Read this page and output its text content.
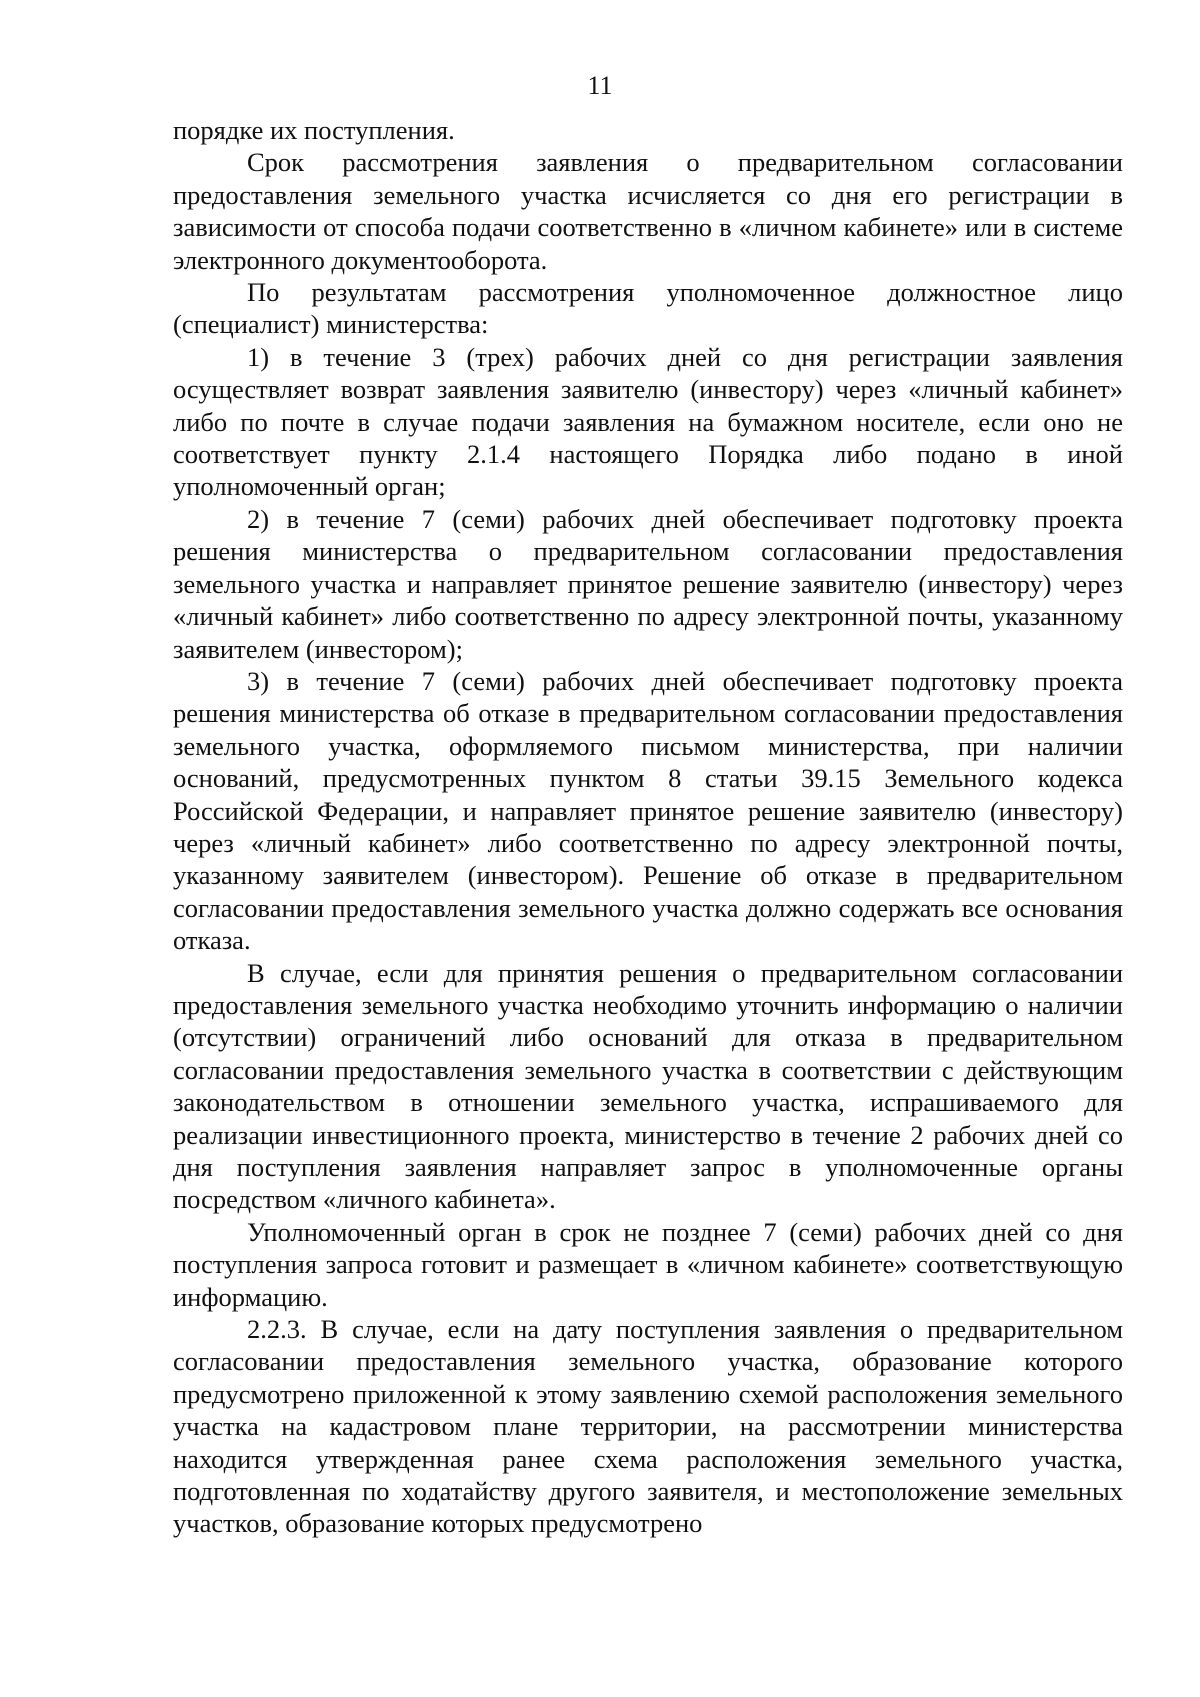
11

порядке их поступления.

Срок рассмотрения заявления о предварительном согласовании предоставления земельного участка исчисляется со дня его регистрации в зависимости от способа подачи соответственно в «личном кабинете» или в системе электронного документооборота.

По результатам рассмотрения уполномоченное должностное лицо (специалист) министерства:

1) в течение 3 (трех) рабочих дней со дня регистрации заявления осуществляет возврат заявления заявителю (инвестору) через «личный кабинет» либо по почте в случае подачи заявления на бумажном носителе, если оно не соответствует пункту 2.1.4 настоящего Порядка либо подано в иной уполномоченный орган;

2) в течение 7 (семи) рабочих дней обеспечивает подготовку проекта решения министерства о предварительном согласовании предоставления земельного участка и направляет принятое решение заявителю (инвестору) через «личный кабинет» либо соответственно по адресу электронной почты, указанному заявителем (инвестором);

3) в течение 7 (семи) рабочих дней обеспечивает подготовку проекта решения министерства об отказе в предварительном согласовании предоставления земельного участка, оформляемого письмом министерства, при наличии оснований, предусмотренных пунктом 8 статьи 39.15 Земельного кодекса Российской Федерации, и направляет принятое решение заявителю (инвестору) через «личный кабинет» либо соответственно по адресу электронной почты, указанному заявителем (инвестором). Решение об отказе в предварительном согласовании предоставления земельного участка должно содержать все основания отказа.

В случае, если для принятия решения о предварительном согласовании предоставления земельного участка необходимо уточнить информацию о наличии (отсутствии) ограничений либо оснований для отказа в предварительном согласовании предоставления земельного участка в соответствии с действующим законодательством в отношении земельного участка, испрашиваемого для реализации инвестиционного проекта, министерство в течение 2 рабочих дней со дня поступления заявления направляет запрос в уполномоченные органы посредством «личного кабинета».

Уполномоченный орган в срок не позднее 7 (семи) рабочих дней со дня поступления запроса готовит и размещает в «личном кабинете» соответствующую информацию.

2.2.3. В случае, если на дату поступления заявления о предварительном согласовании предоставления земельного участка, образование которого предусмотрено приложенной к этому заявлению схемой расположения земельного участка на кадастровом плане территории, на рассмотрении министерства находится утвержденная ранее схема расположения земельного участка, подготовленная по ходатайству другого заявителя, и местоположение земельных участков, образование которых предусмотрено
